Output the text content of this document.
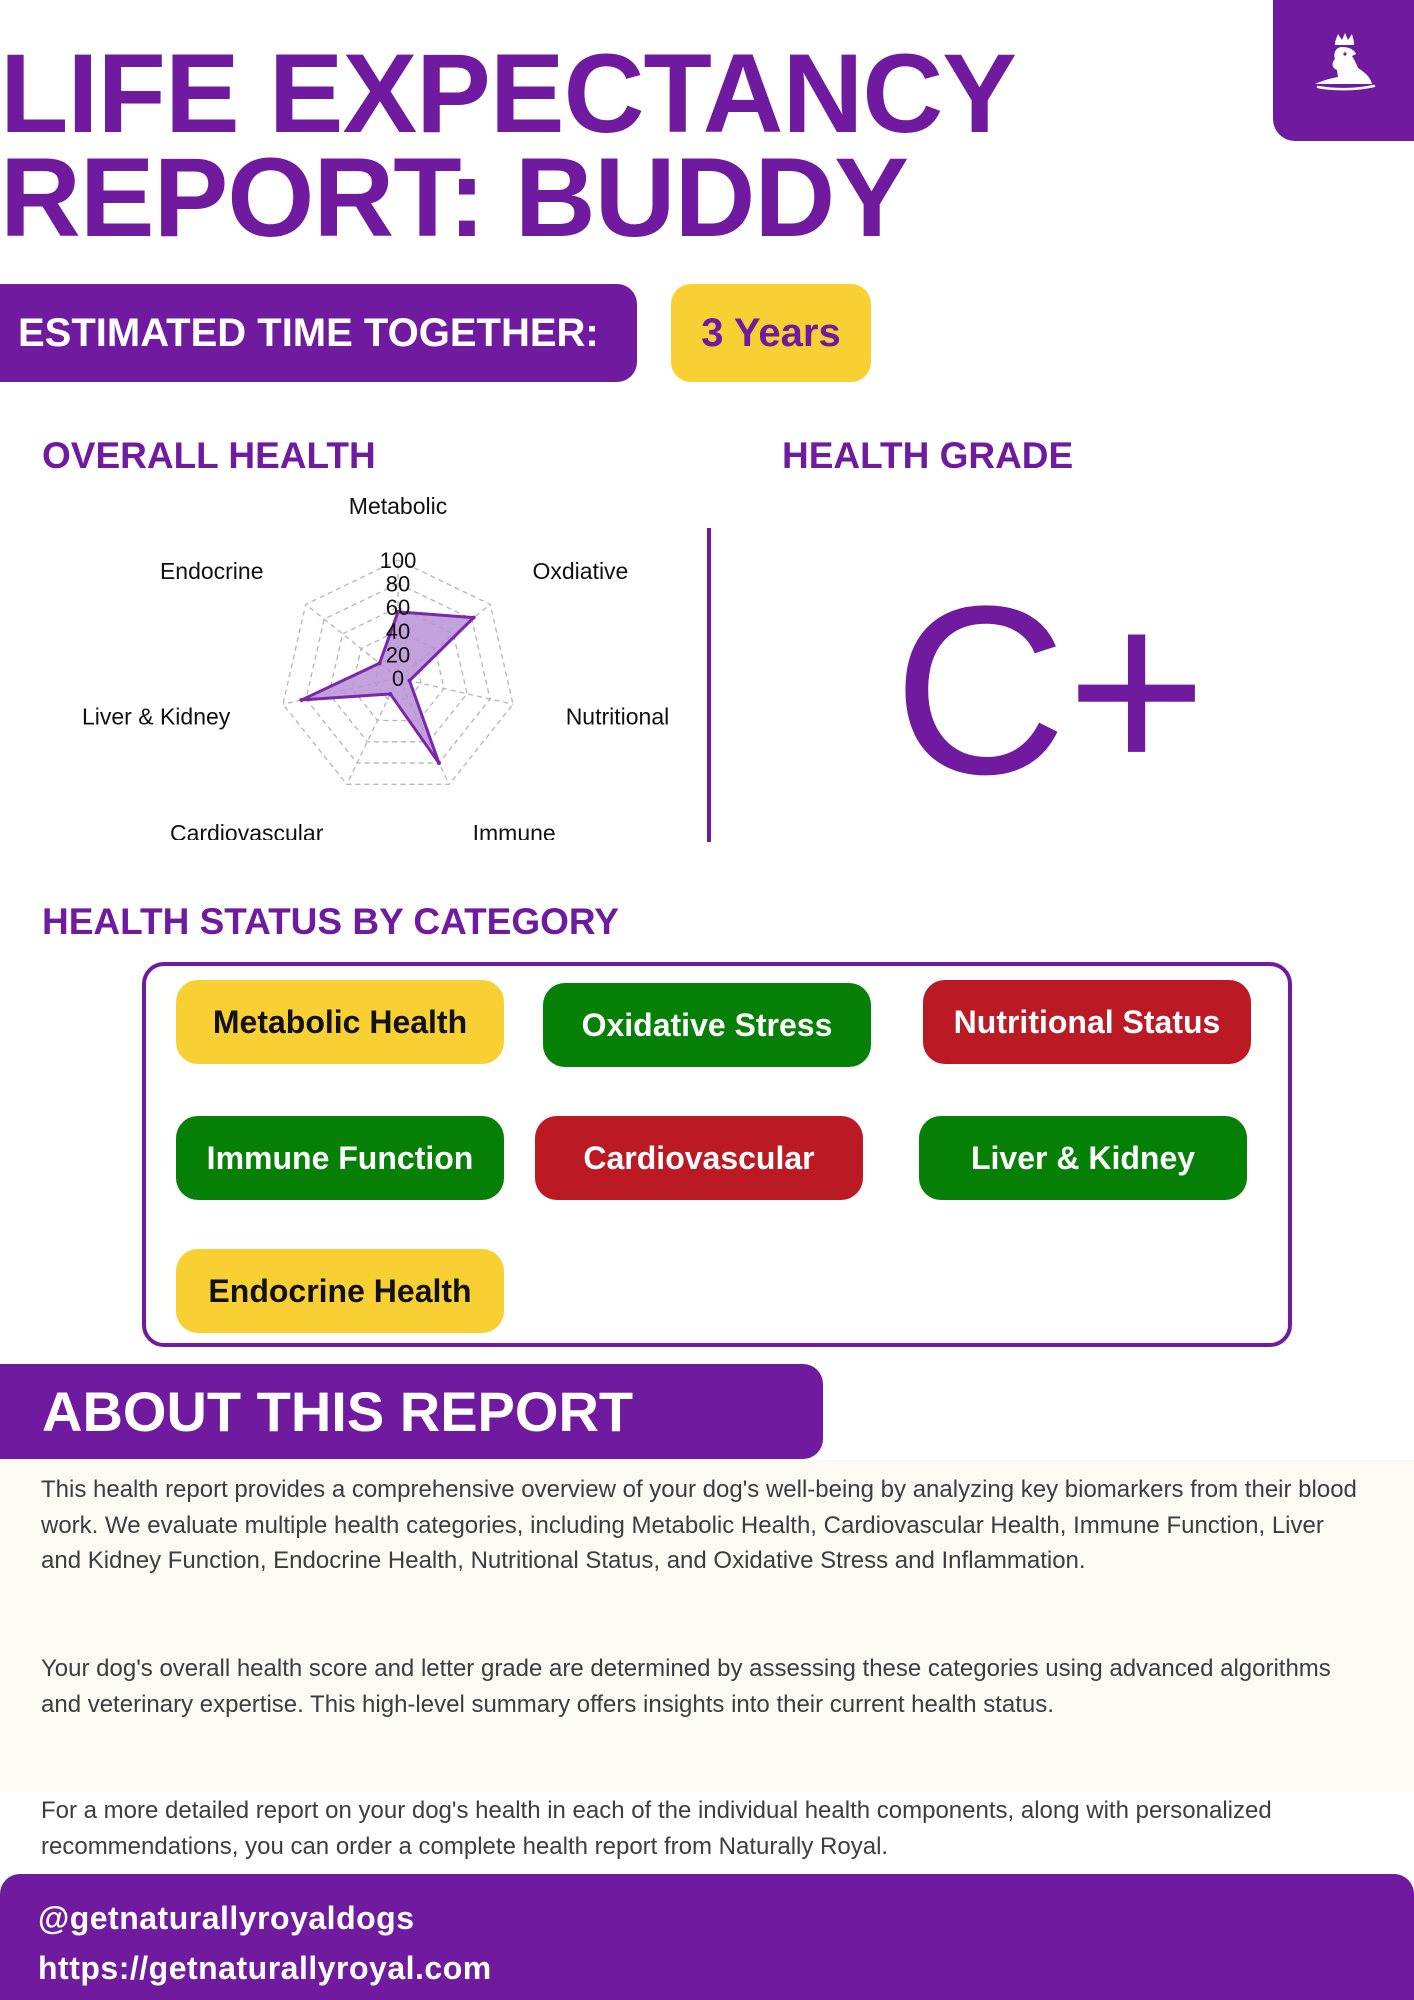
LIFE EXPECTANCY
REPORT: BUDDY
ESTIMATED TIME TOGETHER:	3 Years
OVERALL HEALTH	HEALTH GRADE
0
20
40
60
80
100
Metabolic
Oxdiative
Nutritional
Immune
Cardiovascular
Liver & Kidney
Endocrine	C+
HEALTH STATUS BY CATEGORY
Metabolic Health	Oxidative Stress	Nutritional Status
Immune Function	Cardiovascular	Liver & Kidney
Endocrine Health
ABOUT THIS REPORT

This health report provides a comprehensive overview of your dog's well-being by analyzing key biomarkers from their blood work. We evaluate multiple health categories, including Metabolic Health, Cardiovascular Health, Immune Function, Liver and Kidney Function, Endocrine Health, Nutritional Status, and Oxidative Stress and Inflammation.

Your dog's overall health score and letter grade are determined by assessing these categories using advanced algorithms and veterinary expertise. This high-level summary offers insights into their current health status.

For a more detailed report on your dog's health in each of the individual health components, along with personalized recommendations, you can order a complete health report from Naturally Royal.

@getnaturallyroyaldogs
https://getnaturallyroyal.com
